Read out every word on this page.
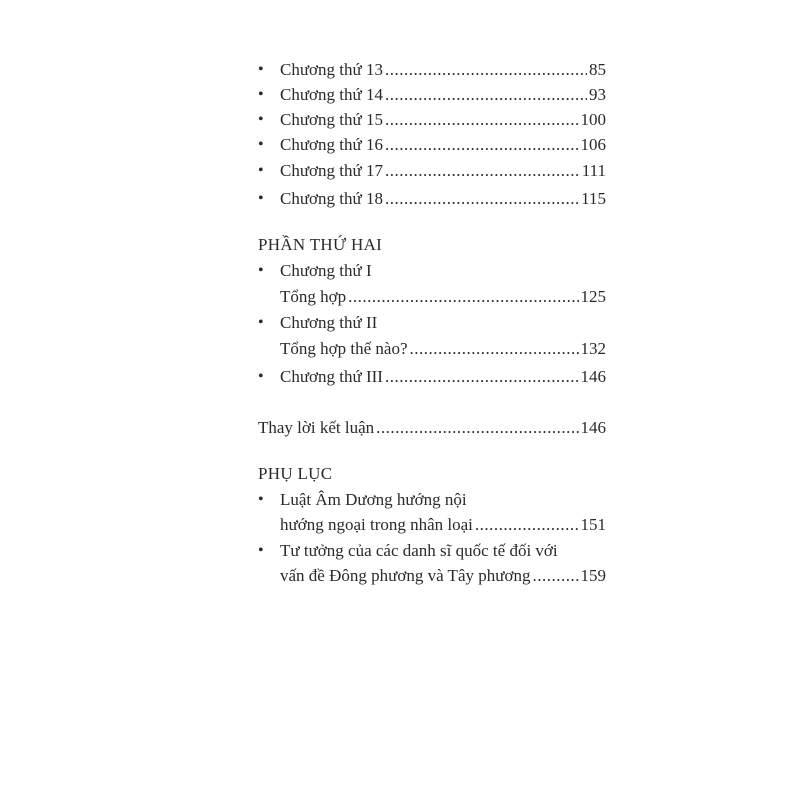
• Chương thứ 13 .....	85
• Chương thứ 14 .....	93
• Chương thứ 15 .....	100
• Chương thứ 16 .....	106
• Chương thứ 17 .....	111
• Chương thứ 18 .....	115
PHẦN THỨ HAI
• Chương thứ I
Tổng hợp .....	125
• Chương thứ II
Tổng hợp thế nào? .....	132
• Chương thứ III .....	146
Thay lời kết luận .....	146
PHỤ LỤC
• Luật Âm Dương hướng nội
hướng ngoại trong nhân loại .....	151
• Tư tưởng của các danh sĩ quốc tế đối với
vấn đề Đông phương và Tây phương .....	159
